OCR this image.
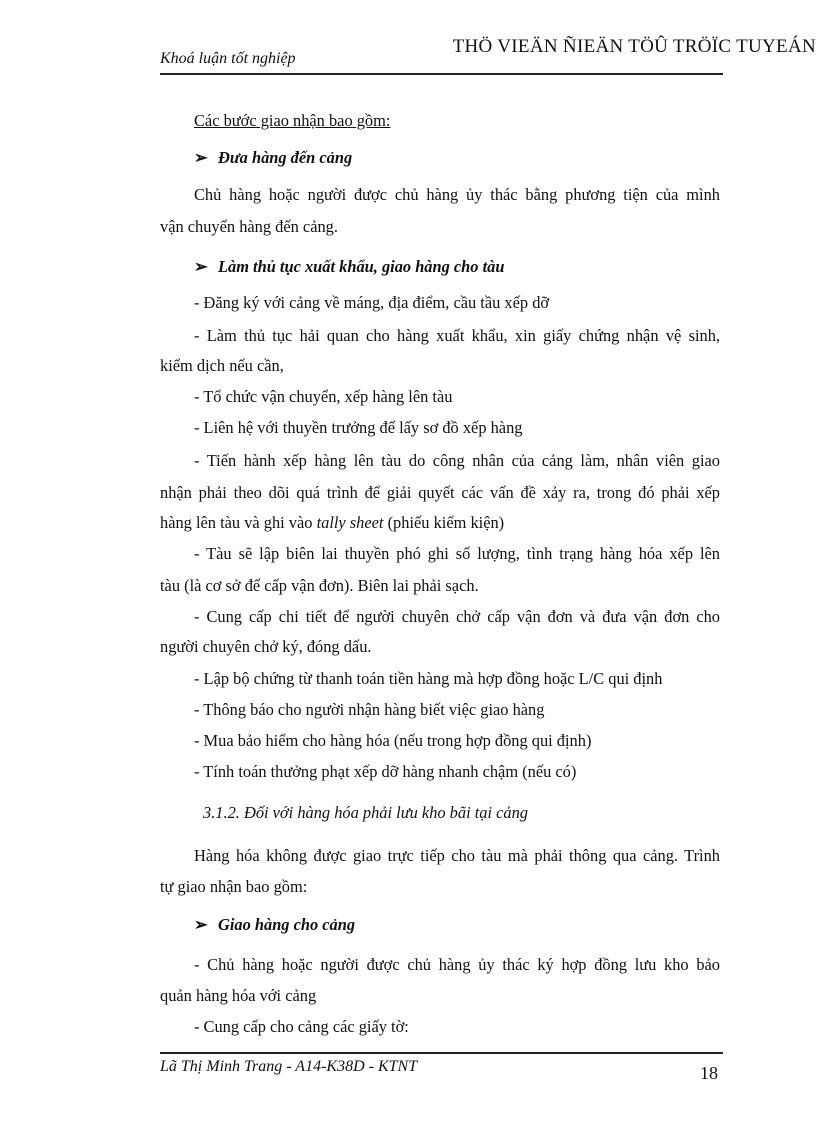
THÖ VIEÄN ÑIEÄN TÖÛ TRÖÏC TUYEÁN
Khoá luận tốt nghiệp
Các bước giao nhận bao gồm:
➢ Đưa hàng đến cảng
Chủ hàng hoặc người được chủ hàng ủy thác bằng phương tiện của mình
vận chuyển hàng đến cảng.
➢ Làm thủ tục xuất khẩu, giao hàng cho tàu
- Đăng ký với cảng về máng, địa điểm, cầu tầu xếp dỡ
- Làm thủ tục hải quan cho hàng xuất khẩu, xin giấy chứng nhận vệ sinh,
kiểm dịch nếu cần,
- Tổ chức vận chuyển, xếp hàng lên tàu
- Liên hệ với thuyền trưởng để lấy sơ đồ xếp hàng
- Tiến hành xếp hàng lên tàu do công nhân của cảng làm, nhân viên giao
nhận phải theo dõi quá trình để giải quyết các vấn đề xảy ra, trong đó phải xếp
hàng lên tàu và ghi vào tally sheet (phiếu kiểm kiện)
- Tàu sẽ lập biên lai thuyền phó ghi số lượng, tình trạng hàng hóa xếp lên
tàu (là cơ sở để cấp vận đơn). Biên lai phải sạch.
- Cung cấp chi tiết để người chuyên chở cấp vận đơn và đưa vận đơn cho
người chuyên chở ký, đóng dấu.
- Lập bộ chứng từ thanh toán tiền hàng mà hợp đồng hoặc L/C qui định
- Thông báo cho người nhận hàng biết việc giao hàng
- Mua bảo hiểm cho hàng hóa (nếu trong hợp đồng qui định)
- Tính toán thưởng phạt xếp dỡ hàng nhanh chậm (nếu có)
3.1.2. Đối với hàng hóa phải lưu kho bãi tại cảng
Hàng hóa không được giao trực tiếp cho tàu mà phải thông qua cảng. Trình
tự giao nhận bao gồm:
➢ Giao hàng cho cảng
- Chủ hàng hoặc người được chủ hàng ủy thác ký hợp đồng lưu kho bảo
quản hàng hóa với cảng
- Cung cấp cho cảng các giấy tờ:
Lã Thị Minh Trang - A14-K38D - KTNT	18
